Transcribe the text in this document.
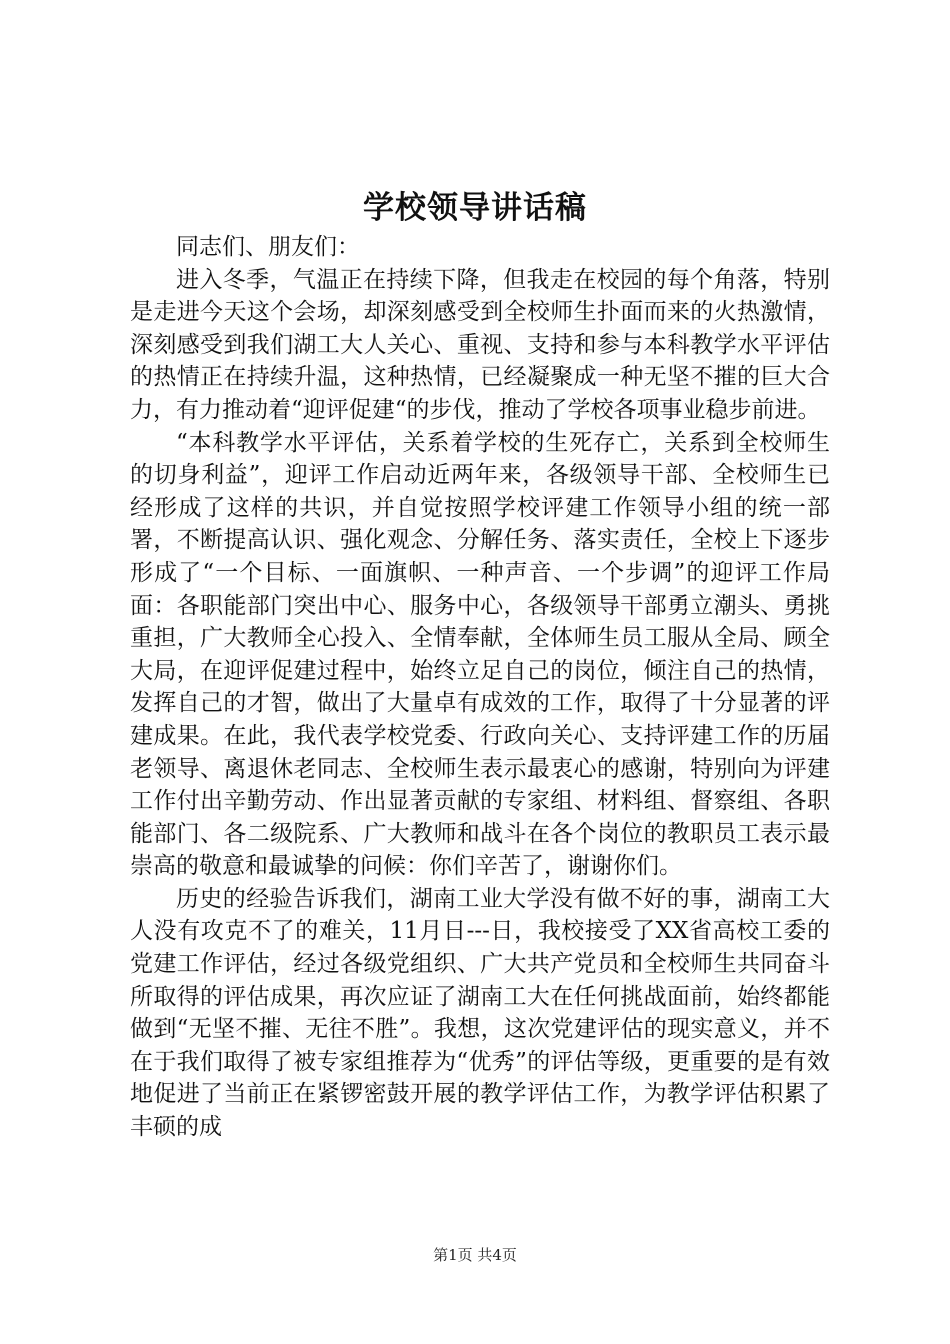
学校领导讲话稿

同志们、朋友们：

进入冬季，气温正在持续下降，但我走在校园的每个角落，特别是走进今天这个会场，却深刻感受到全校师生扑面而来的火热激情，深刻感受到我们湖工大人关心、重视、支持和参与本科教学水平评估的热情正在持续升温，这种热情，已经凝聚成一种无坚不摧的巨大合力，有力推动着“迎评促建“的步伐，推动了学校各项事业稳步前进。

“本科教学水平评估，关系着学校的生死存亡，关系到全校师生的切身利益”，迎评工作启动近两年来，各级领导干部、全校师生已经形成了这样的共识，并自觉按照学校评建工作领导小组的统一部署，不断提高认识、强化观念、分解任务、落实责任，全校上下逐步形成了“一个目标、一面旗帜、一种声音、一个步调”的迎评工作局面：各职能部门突出中心、服务中心，各级领导干部勇立潮头、勇挑重担，广大教师全心投入、全情奉献，全体师生员工服从全局、顾全大局，在迎评促建过程中，始终立足自己的岗位，倾注自己的热情，发挥自己的才智，做出了大量卓有成效的工作，取得了十分显著的评建成果。在此，我代表学校党委、行政向关心、支持评建工作的历届老领导、离退休老同志、全校师生表示最衷心的感谢，特别向为评建工作付出辛勤劳动、作出显著贡献的专家组、材料组、督察组、各职能部门、各二级院系、广大教师和战斗在各个岗位的教职员工表示最崇高的敬意和最诚挚的问候：你们辛苦了，谢谢你们。

历史的经验告诉我们，湖南工业大学没有做不好的事，湖南工大人没有攻克不了的难关，11月日---日，我校接受了XX省高校工委的党建工作评估，经过各级党组织、广大共产党员和全校师生共同奋斗所取得的评估成果，再次应证了湖南工大在任何挑战面前，始终都能做到“无坚不摧、无往不胜”。我想，这次党建评估的现实意义，并不在于我们取得了被专家组推荐为“优秀”的评估等级，更重要的是有效地促进了当前正在紧锣密鼓开展的教学评估工作，为教学评估积累了丰硕的成

第1页 共4页
